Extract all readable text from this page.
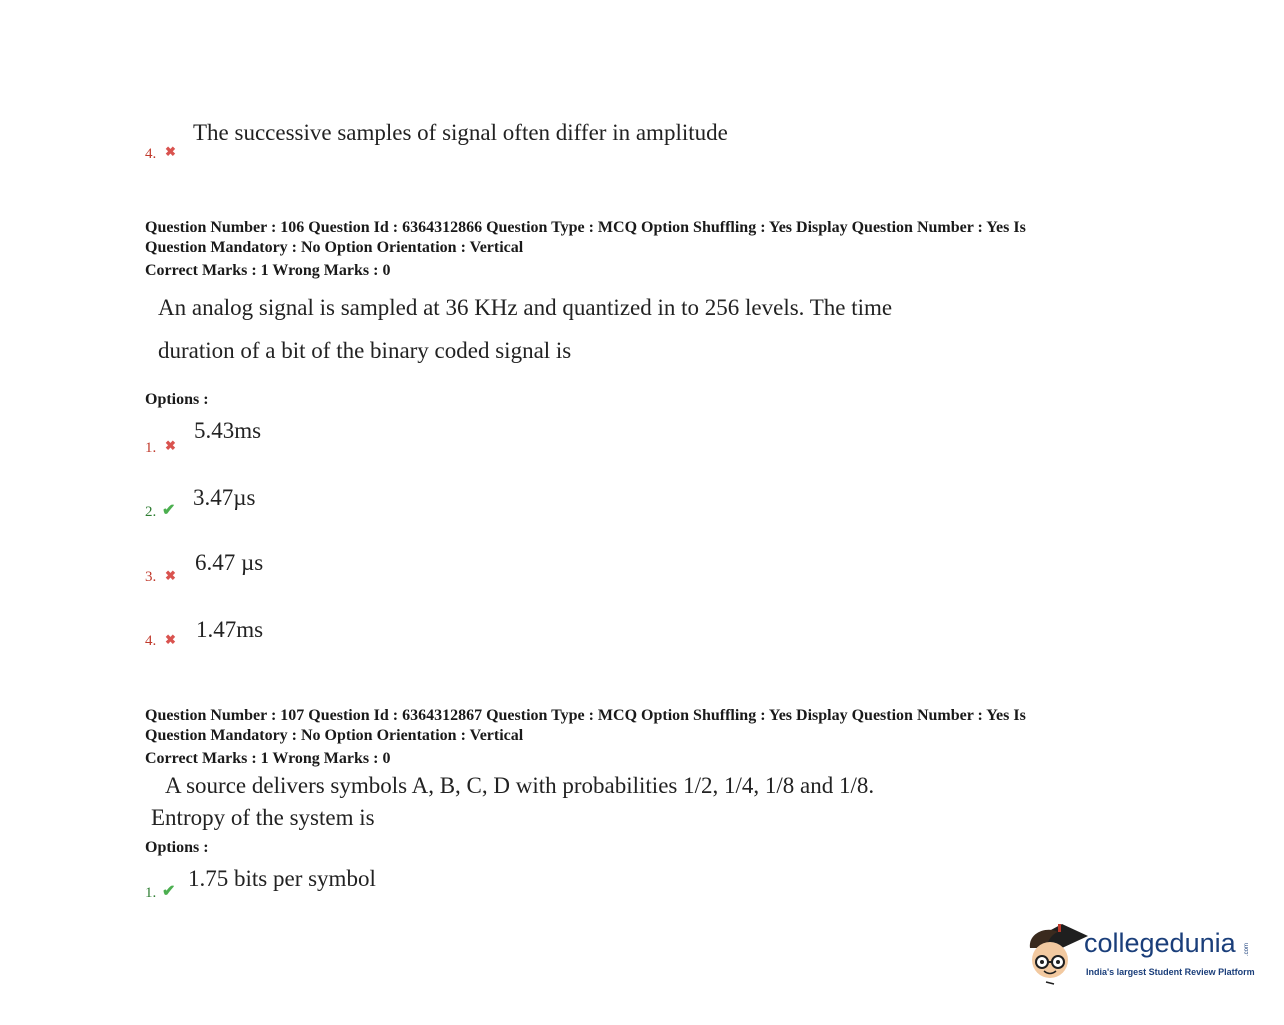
4. ✖
The successive samples of signal often differ in amplitude
Question Number : 106 Question Id : 6364312866 Question Type : MCQ Option Shuffling : Yes Display Question Number : Yes Is
Question Mandatory : No Option Orientation : Vertical
Correct Marks : 1 Wrong Marks : 0
An analog signal is sampled at 36 KHz and quantized in to 256 levels. The time
duration of a bit of the binary coded signal is
Options :
1. ✖
5.43ms
2. ✔
3.47µs
3. ✖
6.47 µs
4. ✖ 1.47ms
Question Number : 107 Question Id : 6364312867 Question Type : MCQ Option Shuffling : Yes Display Question Number : Yes Is
Question Mandatory : No Option Orientation : Vertical
Correct Marks : 1 Wrong Marks : 0
A source delivers symbols A, B, C, D with probabilities 1/2, 1/4, 1/8 and 1/8.
Entropy of the system is
Options :
1. ✔
1.75 bits per symbol
collegedunia .com
India's largest Student Review Platform
